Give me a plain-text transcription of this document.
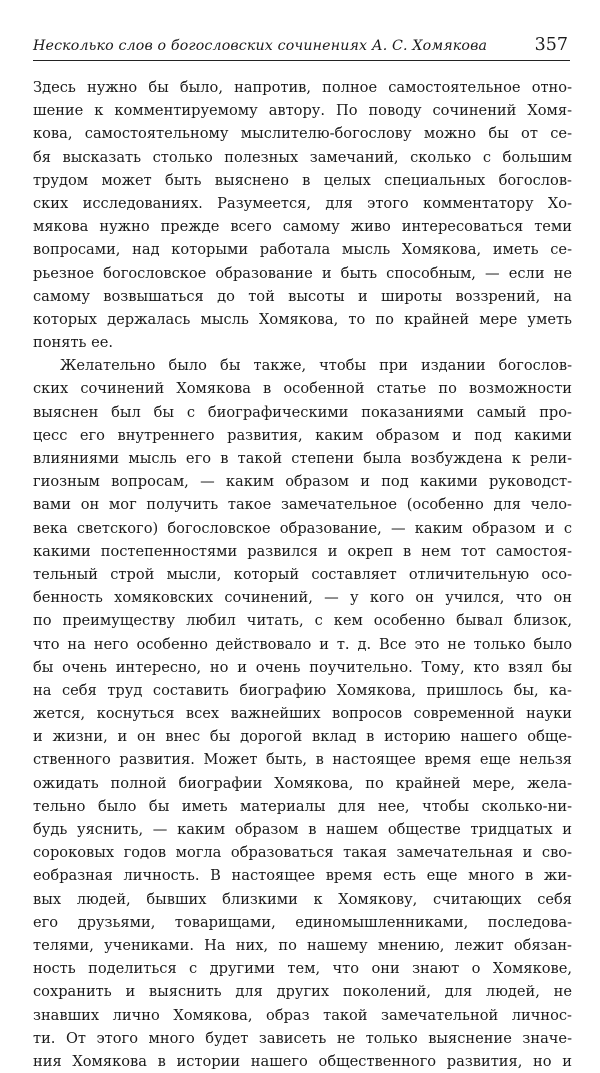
Несколько слов о богословских сочинениях А. С. Хомякова	357
Здесь нужно бы было, напротив, полное самостоятельное отно-
шение к комментируемому автору. По поводу сочинений Хомя-
кова, самостоятельному мыслителю-богослову можно бы от се-
бя высказать столько полезных замечаний, сколько с большим
трудом может быть выяснено в целых специальных богослов-
ских исследованиях. Разумеется, для этого комментатору Хо-
мякова нужно прежде всего самому живо интересоваться теми
вопросами, над которыми работала мысль Хомякова, иметь се-
рьезное богословское образование и быть способным, — если не
самому возвышаться до той высоты и широты воззрений, на
которых держалась мысль Хомякова, то по крайней мере уметь
понять ее.
Желательно было бы также, чтобы при издании богослов-
ских сочинений Хомякова в особенной статье по возможности
выяснен был бы с биографическими показаниями самый про-
цесс его внутреннего развития, каким образом и под какими
влияниями мысль его в такой степени была возбуждена к рели-
гиозным вопросам, — каким образом и под какими руководст-
вами он мог получить такое замечательное (особенно для чело-
века светского) богословское образование, — каким образом и с
какими постепенностями развился и окреп в нем тот самостоя-
тельный строй мысли, который составляет отличительную осо-
бенность хомяковских сочинений, — у кого он учился, что он
по преимуществу любил читать, с кем особенно бывал близок,
что на него особенно действовало и т. д. Все это не только было
бы очень интересно, но и очень поучительно. Тому, кто взял бы
на себя труд составить биографию Хомякова, пришлось бы, ка-
жется, коснуться всех важнейших вопросов современной науки
и жизни, и он внес бы дорогой вклад в историю нашего обще-
ственного развития. Может быть, в настоящее время еще нельзя
ожидать полной биографии Хомякова, по крайней мере, жела-
тельно было бы иметь материалы для нее, чтобы сколько-ни-
будь уяснить, — каким образом в нашем обществе тридцатых и
сороковых годов могла образоваться такая замечательная и сво-
еобразная личность. В настоящее время есть еще много в жи-
вых людей, бывших близкими к Хомякову, считающих себя
его друзьями, товарищами, единомышленниками, последова-
телями, учениками. На них, по нашему мнению, лежит обязан-
ность поделиться с другими тем, что они знают о Хомякове,
сохранить и выяснить для других поколений, для людей, не
знавших лично Хомякова, образ такой замечательной личнос-
ти. От этого много будет зависеть не только выяснение значе-
ния Хомякова в истории нашего общественного развития, но и
